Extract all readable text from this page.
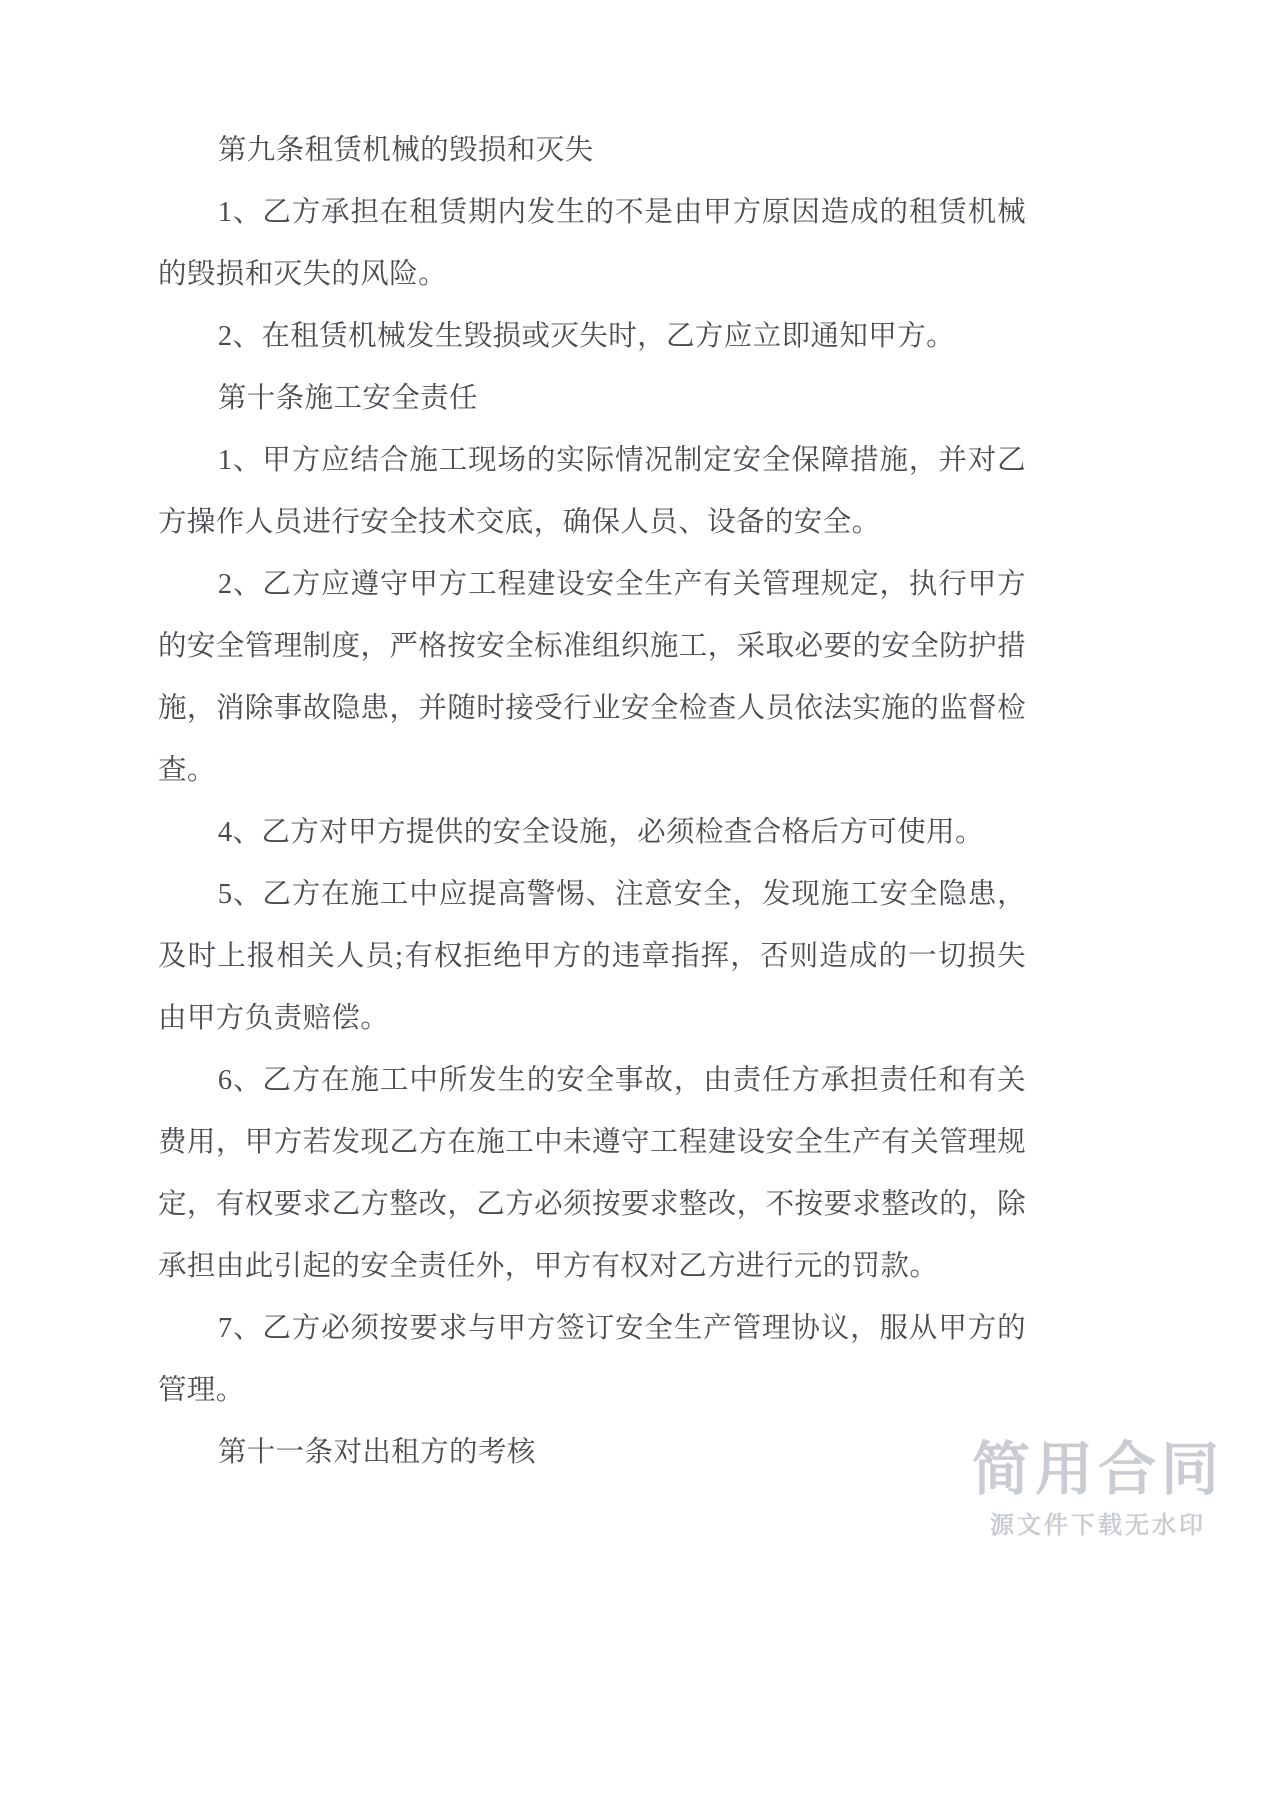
第九条租赁机械的毁损和灭失

1、乙方承担在租赁期内发生的不是由甲方原因造成的租赁机械的毁损和灭失的风险。

2、在租赁机械发生毁损或灭失时，乙方应立即通知甲方。

第十条施工安全责任

1、甲方应结合施工现场的实际情况制定安全保障措施，并对乙方操作人员进行安全技术交底，确保人员、设备的安全。

2、乙方应遵守甲方工程建设安全生产有关管理规定，执行甲方的安全管理制度，严格按安全标准组织施工，采取必要的安全防护措施，消除事故隐患，并随时接受行业安全检查人员依法实施的监督检查。

4、乙方对甲方提供的安全设施，必须检查合格后方可使用。

5、乙方在施工中应提高警惕、注意安全，发现施工安全隐患，及时上报相关人员;有权拒绝甲方的违章指挥，否则造成的一切损失由甲方负责赔偿。

6、乙方在施工中所发生的安全事故，由责任方承担责任和有关费用，甲方若发现乙方在施工中未遵守工程建设安全生产有关管理规定，有权要求乙方整改，乙方必须按要求整改，不按要求整改的，除承担由此引起的安全责任外，甲方有权对乙方进行元的罚款。

7、乙方必须按要求与甲方签订安全生产管理协议，服从甲方的管理。

第十一条对出租方的考核	简用合同
源文件下载无水印
